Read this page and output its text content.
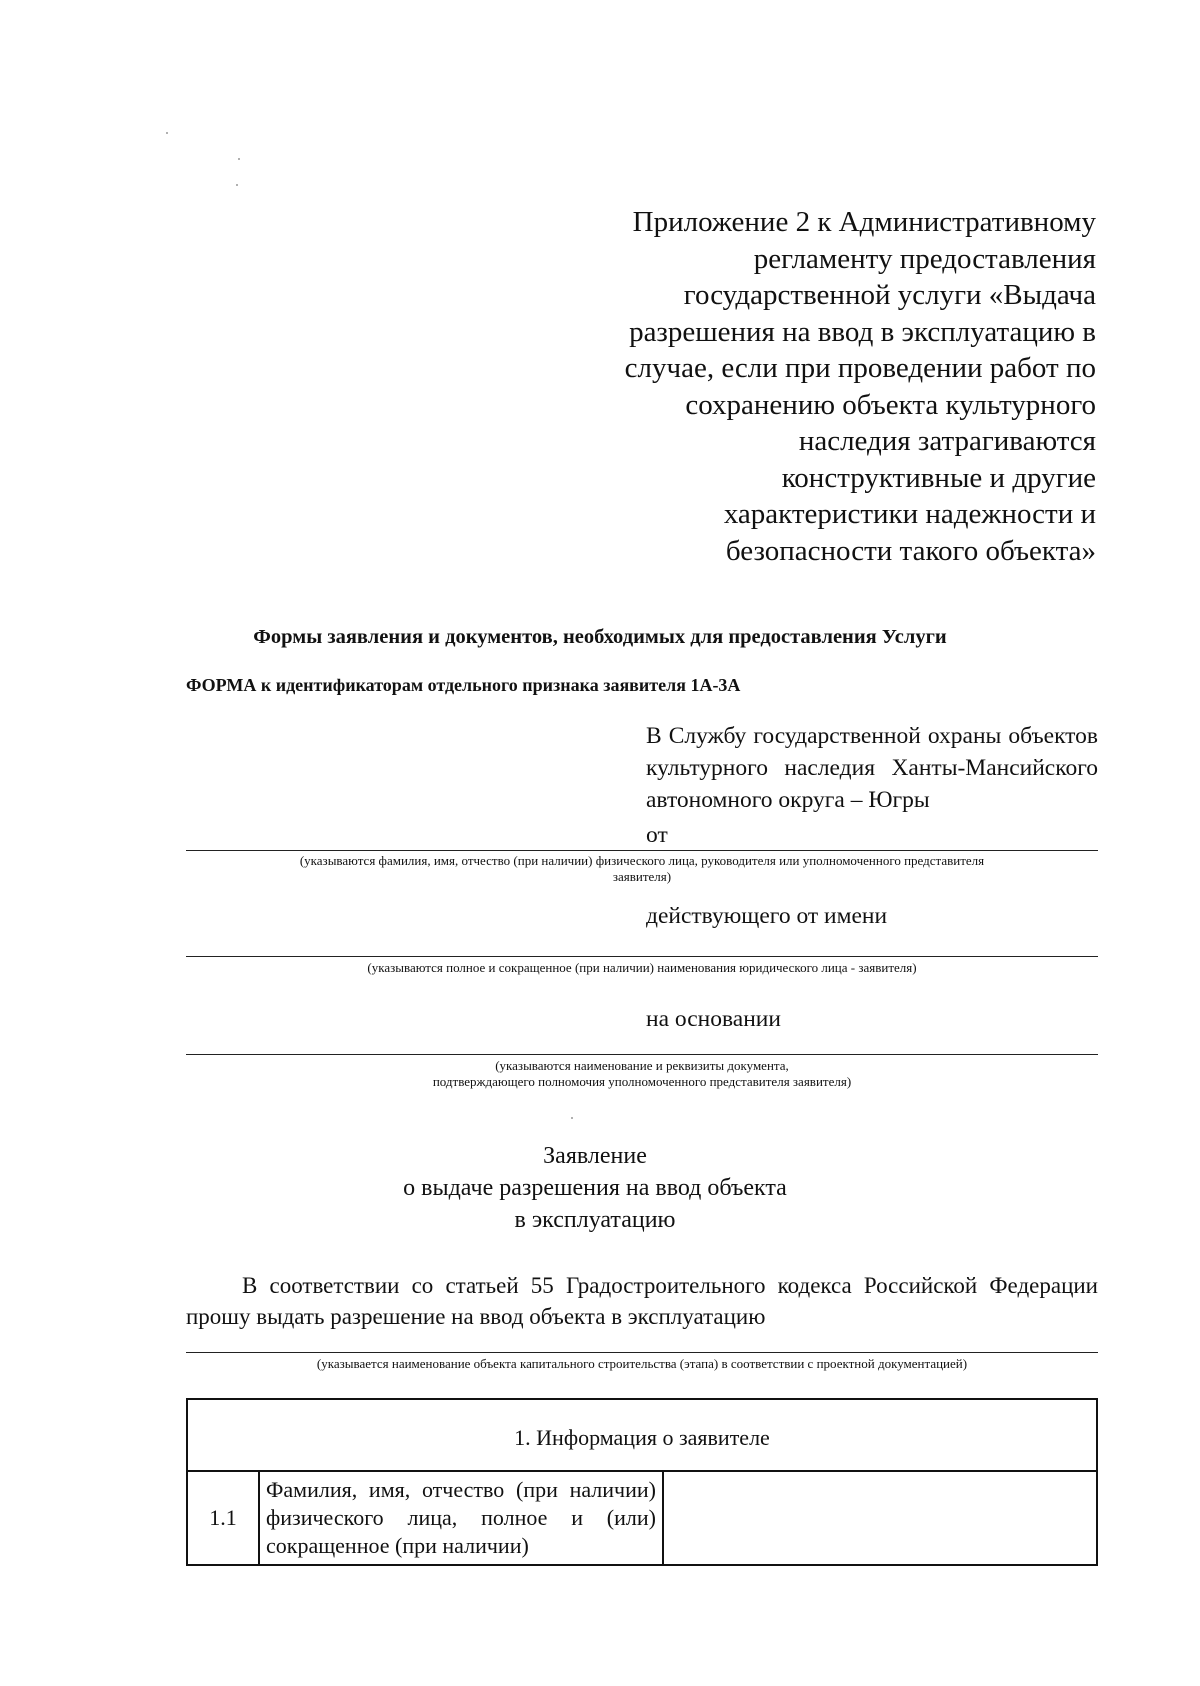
Приложение 2 к Административному
регламенту предоставления
государственной услуги «Выдача
разрешения на ввод в эксплуатацию в
случае, если при проведении работ по
сохранению объекта культурного
наследия затрагиваются
конструктивные и другие
характеристики надежности и
безопасности такого объекта»
Формы заявления и документов, необходимых для предоставления Услуги
ФОРМА к идентификаторам отдельного признака заявителя 1А-3А
В Службу государственной охраны объектов культурного наследия Ханты-Мансийского автономного округа – Югры
от
(указываются фамилия, имя, отчество (при наличии) физического лица, руководителя или уполномоченного представителя
заявителя)
действующего от имени
(указываются полное и сокращенное (при наличии) наименования юридического лица - заявителя)
на основании
(указываются наименование и реквизиты документа,
подтверждающего полномочия уполномоченного представителя заявителя)
Заявление
о выдаче разрешения на ввод объекта
в эксплуатацию
В соответствии со статьей 55 Градостроительного кодекса Российской Федерации прошу выдать разрешение на ввод объекта в эксплуатацию
(указывается наименование объекта капитального строительства (этапа) в соответствии с проектной документацией)
1. Информация о заявителе
1.1	Фамилия, имя, отчество (при наличии) физического лица, полное и (или) сокращенное (при наличии)	
